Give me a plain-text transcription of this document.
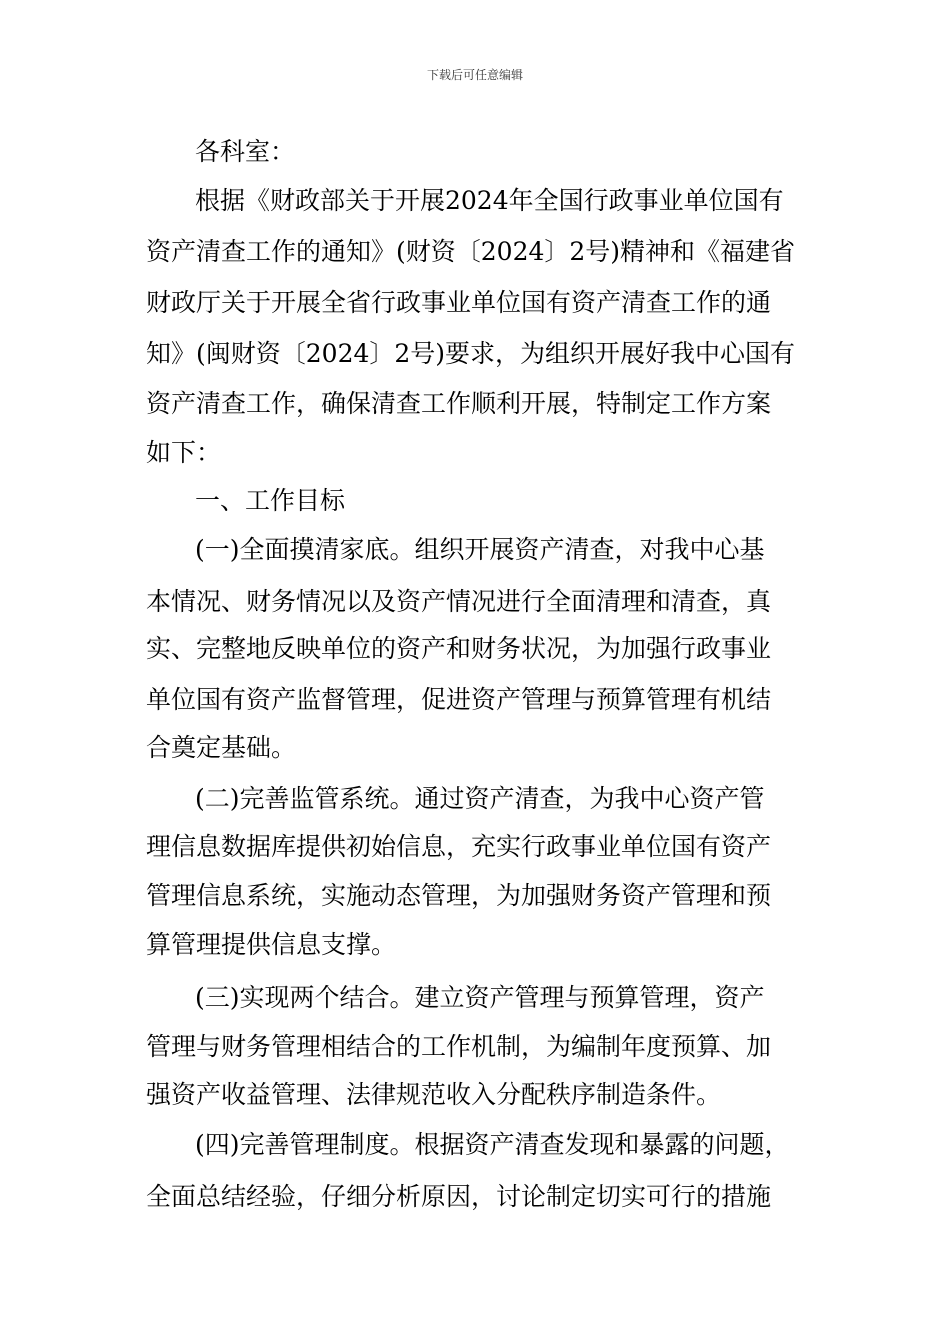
下载后可任意编辑
各科室：
根据《财政部关于开展2024年全国行政事业单位国有
资产清查工作的通知》(财资〔2024〕2号)精神和《福建省
财政厅关于开展全省行政事业单位国有资产清查工作的通
知》(闽财资〔2024〕2号)要求，为组织开展好我中心国有
资产清查工作，确保清查工作顺利开展，特制定工作方案
如下：
一、工作目标
(一)全面摸清家底。组织开展资产清查，对我中心基
本情况、财务情况以及资产情况进行全面清理和清查，真
实、完整地反映单位的资产和财务状况，为加强行政事业
单位国有资产监督管理，促进资产管理与预算管理有机结
合奠定基础。
(二)完善监管系统。通过资产清查，为我中心资产管
理信息数据库提供初始信息，充实行政事业单位国有资产
管理信息系统，实施动态管理，为加强财务资产管理和预
算管理提供信息支撑。
(三)实现两个结合。建立资产管理与预算管理，资产
管理与财务管理相结合的工作机制，为编制年度预算、加
强资产收益管理、法律规范收入分配秩序制造条件。
(四)完善管理制度。根据资产清查发现和暴露的问题，
全面总结经验，仔细分析原因，讨论制定切实可行的措施
